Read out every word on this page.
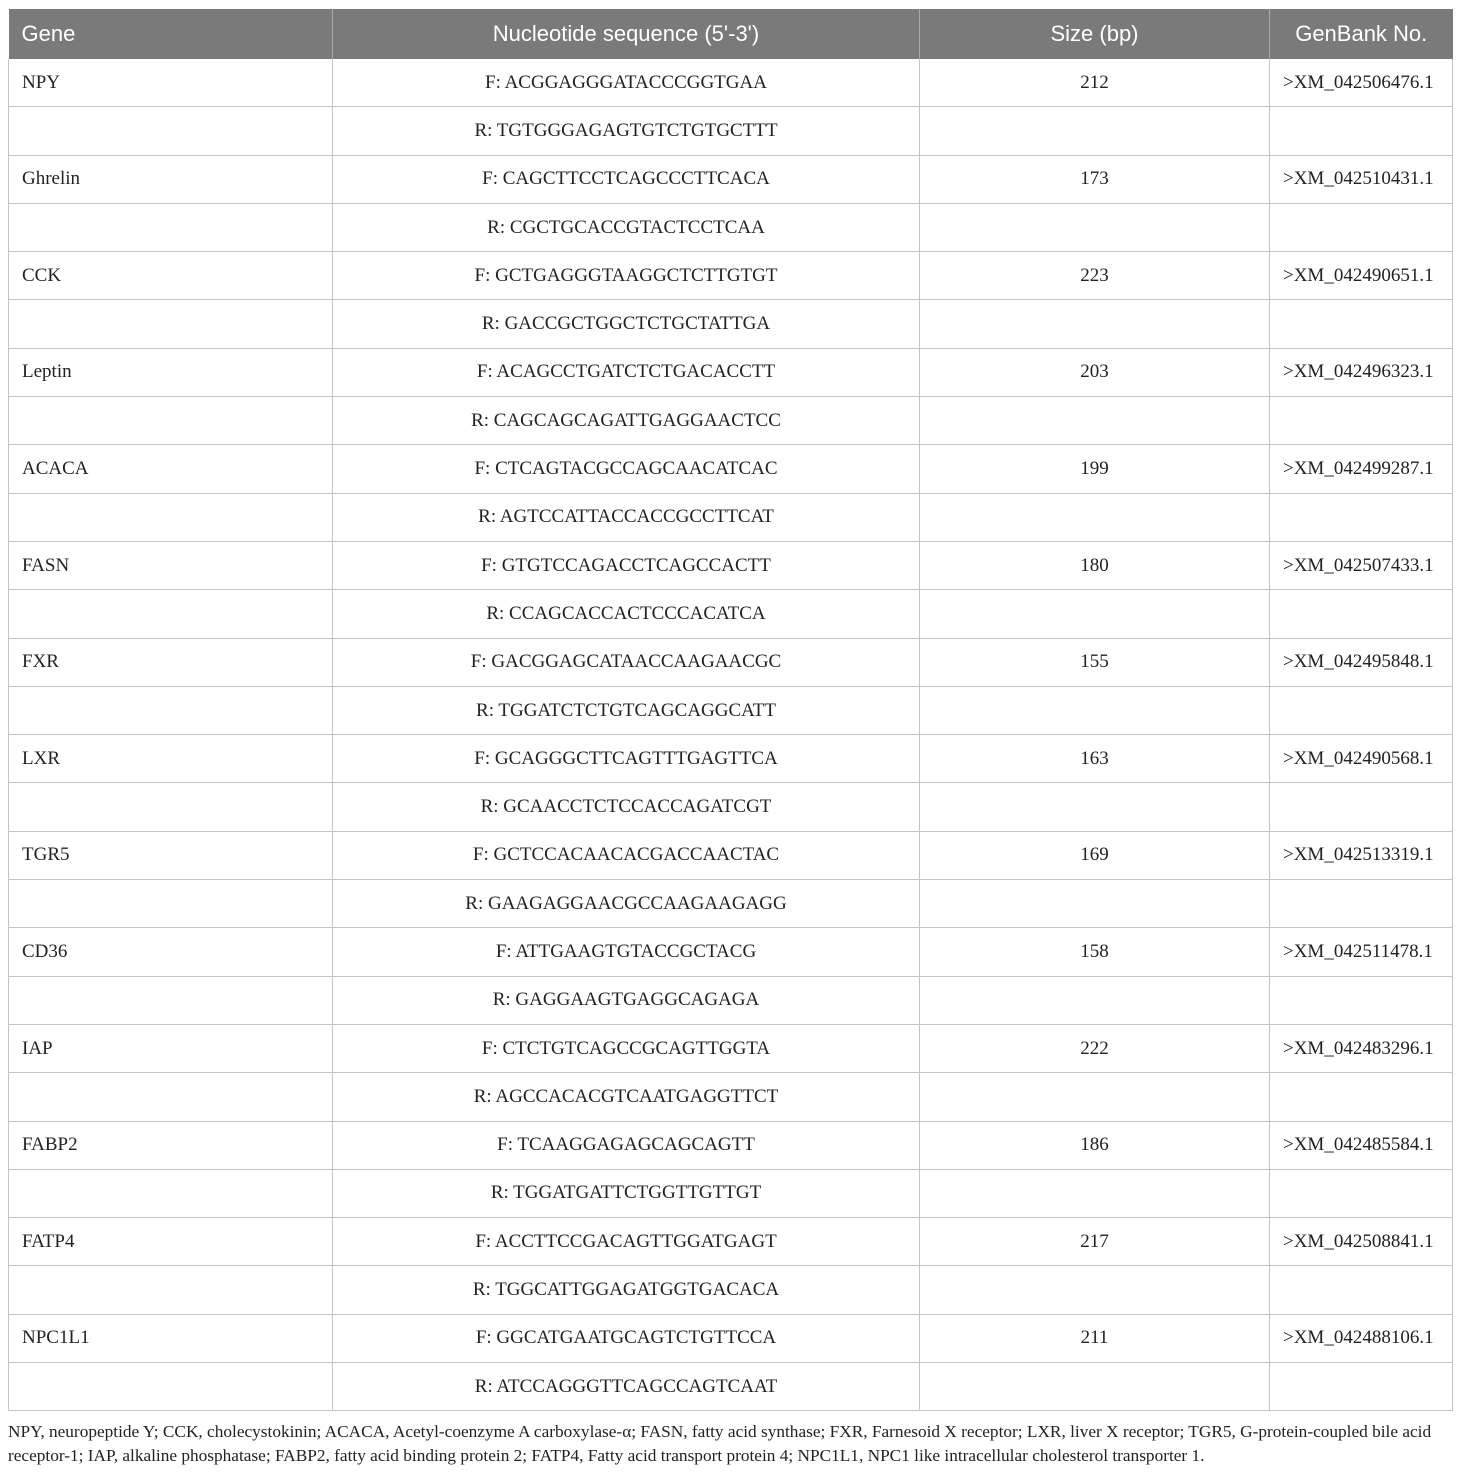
Gene	Nucleotide sequence (5'-3')	Size (bp)	GenBank No.
NPY	F: ACGGAGGGATACCCGGTGAA	212	>XM_042506476.1
	R: TGTGGGAGAGTGTCTGTGCTTT		
Ghrelin	F: CAGCTTCCTCAGCCCTTCACA	173	>XM_042510431.1
	R: CGCTGCACCGTACTCCTCAA		
CCK	F: GCTGAGGGTAAGGCTCTTGTGT	223	>XM_042490651.1
	R: GACCGCTGGCTCTGCTATTGA		
Leptin	F: ACAGCCTGATCTCTGACACCTT	203	>XM_042496323.1
	R: CAGCAGCAGATTGAGGAACTCC		
ACACA	F: CTCAGTACGCCAGCAACATCAC	199	>XM_042499287.1
	R: AGTCCATTACCACCGCCTTCAT		
FASN	F: GTGTCCAGACCTCAGCCACTT	180	>XM_042507433.1
	R: CCAGCACCACTCCCACATCA		
FXR	F: GACGGAGCATAACCAAGAACGC	155	>XM_042495848.1
	R: TGGATCTCTGTCAGCAGGCATT		
LXR	F: GCAGGGCTTCAGTTTGAGTTCA	163	>XM_042490568.1
	R: GCAACCTCTCCACCAGATCGT		
TGR5	F: GCTCCACAACACGACCAACTAC	169	>XM_042513319.1
	R: GAAGAGGAACGCCAAGAAGAGG		
CD36	F: ATTGAAGTGTACCGCTACG	158	>XM_042511478.1
	R: GAGGAAGTGAGGCAGAGA		
IAP	F: CTCTGTCAGCCGCAGTTGGTA	222	>XM_042483296.1
	R: AGCCACACGTCAATGAGGTTCT		
FABP2	F: TCAAGGAGAGCAGCAGTT	186	>XM_042485584.1
	R: TGGATGATTCTGGTTGTTGT		
FATP4	F: ACCTTCCGACAGTTGGATGAGT	217	>XM_042508841.1
	R: TGGCATTGGAGATGGTGACACA		
NPC1L1	F: GGCATGAATGCAGTCTGTTCCA	211	>XM_042488106.1
	R: ATCCAGGGTTCAGCCAGTCAAT		
NPY, neuropeptide Y; CCK, cholecystokinin; ACACA, Acetyl-coenzyme A carboxylase-α; FASN, fatty acid synthase; FXR, Farnesoid X receptor; LXR, liver X receptor; TGR5, G-protein-coupled bile acid receptor-1; IAP, alkaline phosphatase; FABP2, fatty acid binding protein 2; FATP4, Fatty acid transport protein 4; NPC1L1, NPC1 like intracellular cholesterol transporter 1.
